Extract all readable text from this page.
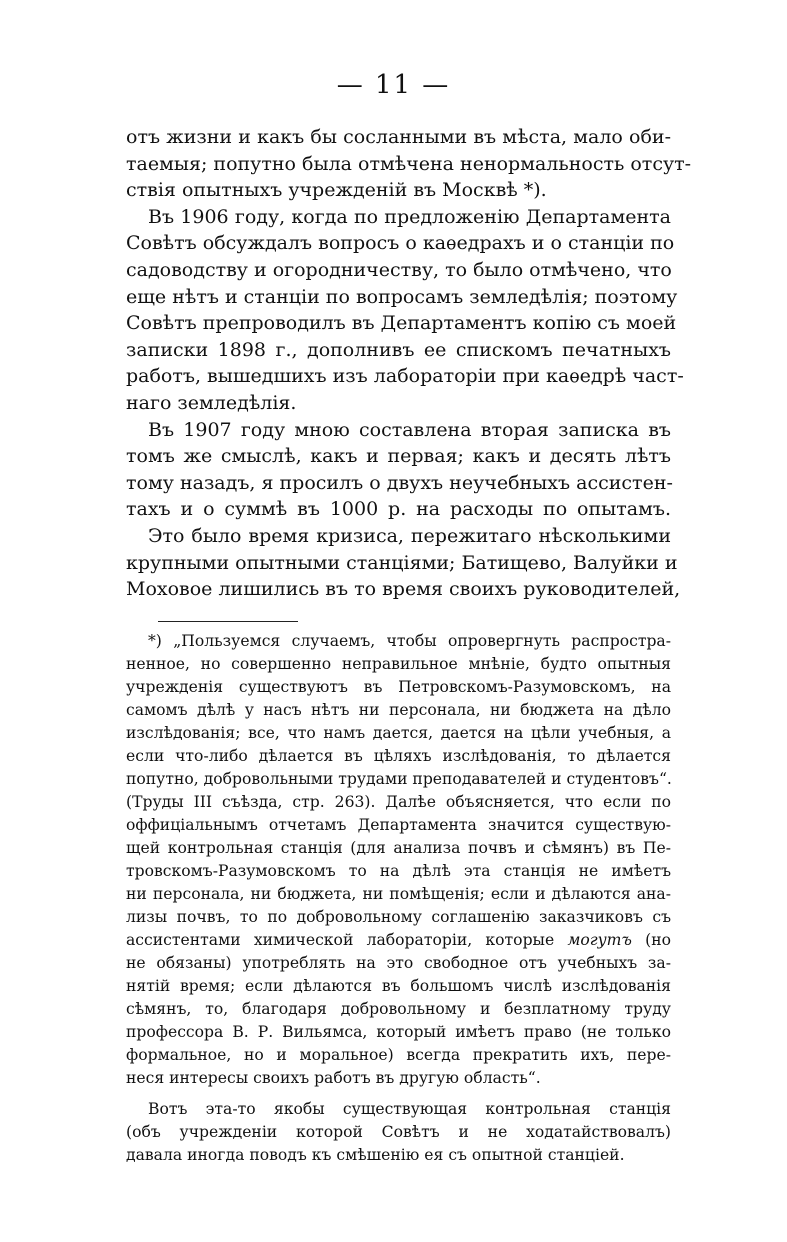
— 11 —
отъ жизни и какъ бы сосланными въ мѣста, мало оби-
таемыя; попутно была отмѣчена ненормальность отсут-
ствія опытныхъ учрежденій въ Москвѣ *).
Въ 1906 году, когда по предложенію Департамента
Совѣтъ обсуждалъ вопросъ о каѳедрахъ и о станціи по
садоводству и огородничеству, то было отмѣчено, что
еще нѣтъ и станціи по вопросамъ земледѣлія; поэтому
Совѣтъ препроводилъ въ Департаментъ копію съ моей
записки 1898 г., дополнивъ ее спискомъ печатныхъ
работъ, вышедшихъ изъ лабораторіи при каѳедрѣ част-
наго земледѣлія.
Въ 1907 году мною составлена вторая записка въ
томъ же смыслѣ, какъ и первая; какъ и десять лѣтъ
тому назадъ, я просилъ о двухъ неучебныхъ ассистен-
тахъ и о суммѣ въ 1000 р. на расходы по опытамъ.
Это было время кризиса, пережитаго нѣсколькими
крупными опытными станціями; Батищево, Валуйки и
Моховое лишились въ то время своихъ руководителей,
*) „Пользуемся случаемъ, чтобы опровергнуть распростра-
ненное, но совершенно неправильное мнѣніе, будто опытныя
учрежденія существуютъ въ Петровскомъ-Разумовскомъ, на
самомъ дѣлѣ у насъ нѣтъ ни персонала, ни бюджета на дѣло
изслѣдованія; все, что намъ дается, дается на цѣли учебныя, а
если что-либо дѣлается въ цѣляхъ изслѣдованія, то дѣлается
попутно, добровольными трудами преподавателей и студентовъ“.
(Труды III съѣзда, стр. 263). Далѣе объясняется, что если по
оффиціальнымъ отчетамъ Департамента значится существую-
щей контрольная станція (для анализа почвъ и сѣмянъ) въ Пе-
тровскомъ-Разумовскомъ то на дѣлѣ эта станція не имѣетъ
ни персонала, ни бюджета, ни помѣщенія; если и дѣлаются ана-
лизы почвъ, то по добровольному соглашенію заказчиковъ съ
ассистентами химической лабораторіи, которые могутъ (но
не обязаны) употреблять на это свободное отъ учебныхъ за-
нятій время; если дѣлаются въ большомъ числѣ изслѣдованія
сѣмянъ, то, благодаря добровольному и безплатному труду
профессора В. Р. Вильямса, который имѣетъ право (не только
формальное, но и моральное) всегда прекратить ихъ, пере-
неся интересы своихъ работъ въ другую область“.
Вотъ эта-то якобы существующая контрольная станція
(объ учрежденіи которой Совѣтъ и не ходатайствовалъ)
давала иногда поводъ къ смѣшенію ея съ опытной станціей.
